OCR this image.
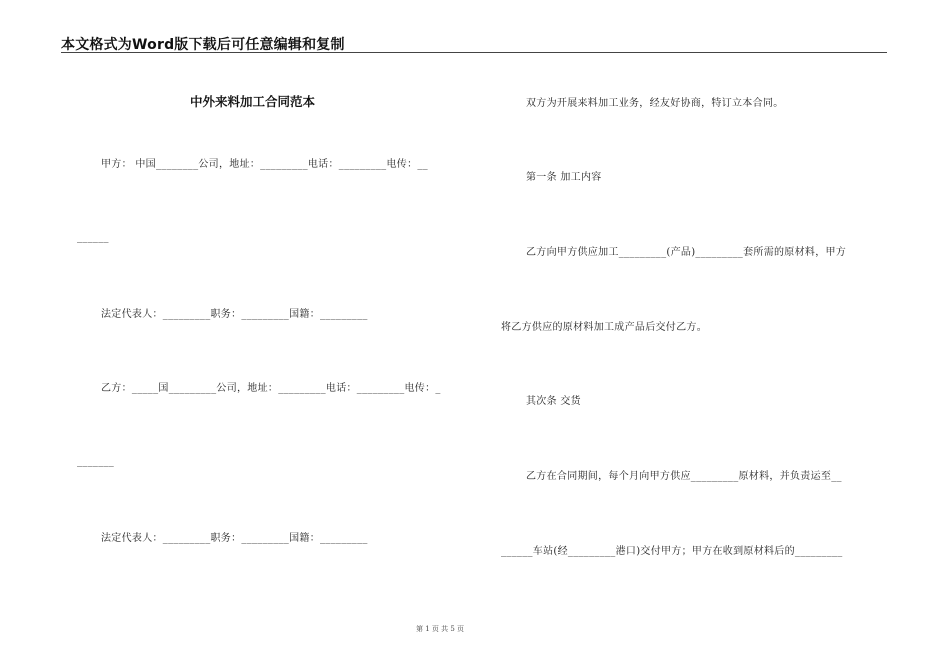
本文格式为Word版下载后可任意编辑和复制
中外来料加工合同范本
甲方： 中国________公司，地址：_________电话：_________电传：__
______
法定代表人：_________职务：_________国籍：_________
乙方：_____国_________公司，地址：_________电话：_________电传：_
_______
法定代表人：_________职务：_________国籍：_________
双方为开展来料加工业务，经友好协商，特订立本合同。
第一条 加工内容
乙方向甲方供应加工_________(产品)_________套所需的原材料，甲方
将乙方供应的原材料加工成产品后交付乙方。
其次条 交货
乙方在合同期间，每个月向甲方供应_________原材料，并负责运至__
______车站(经_________港口)交付甲方；甲方在收到原材料后的_________
第 1 页 共 5 页
